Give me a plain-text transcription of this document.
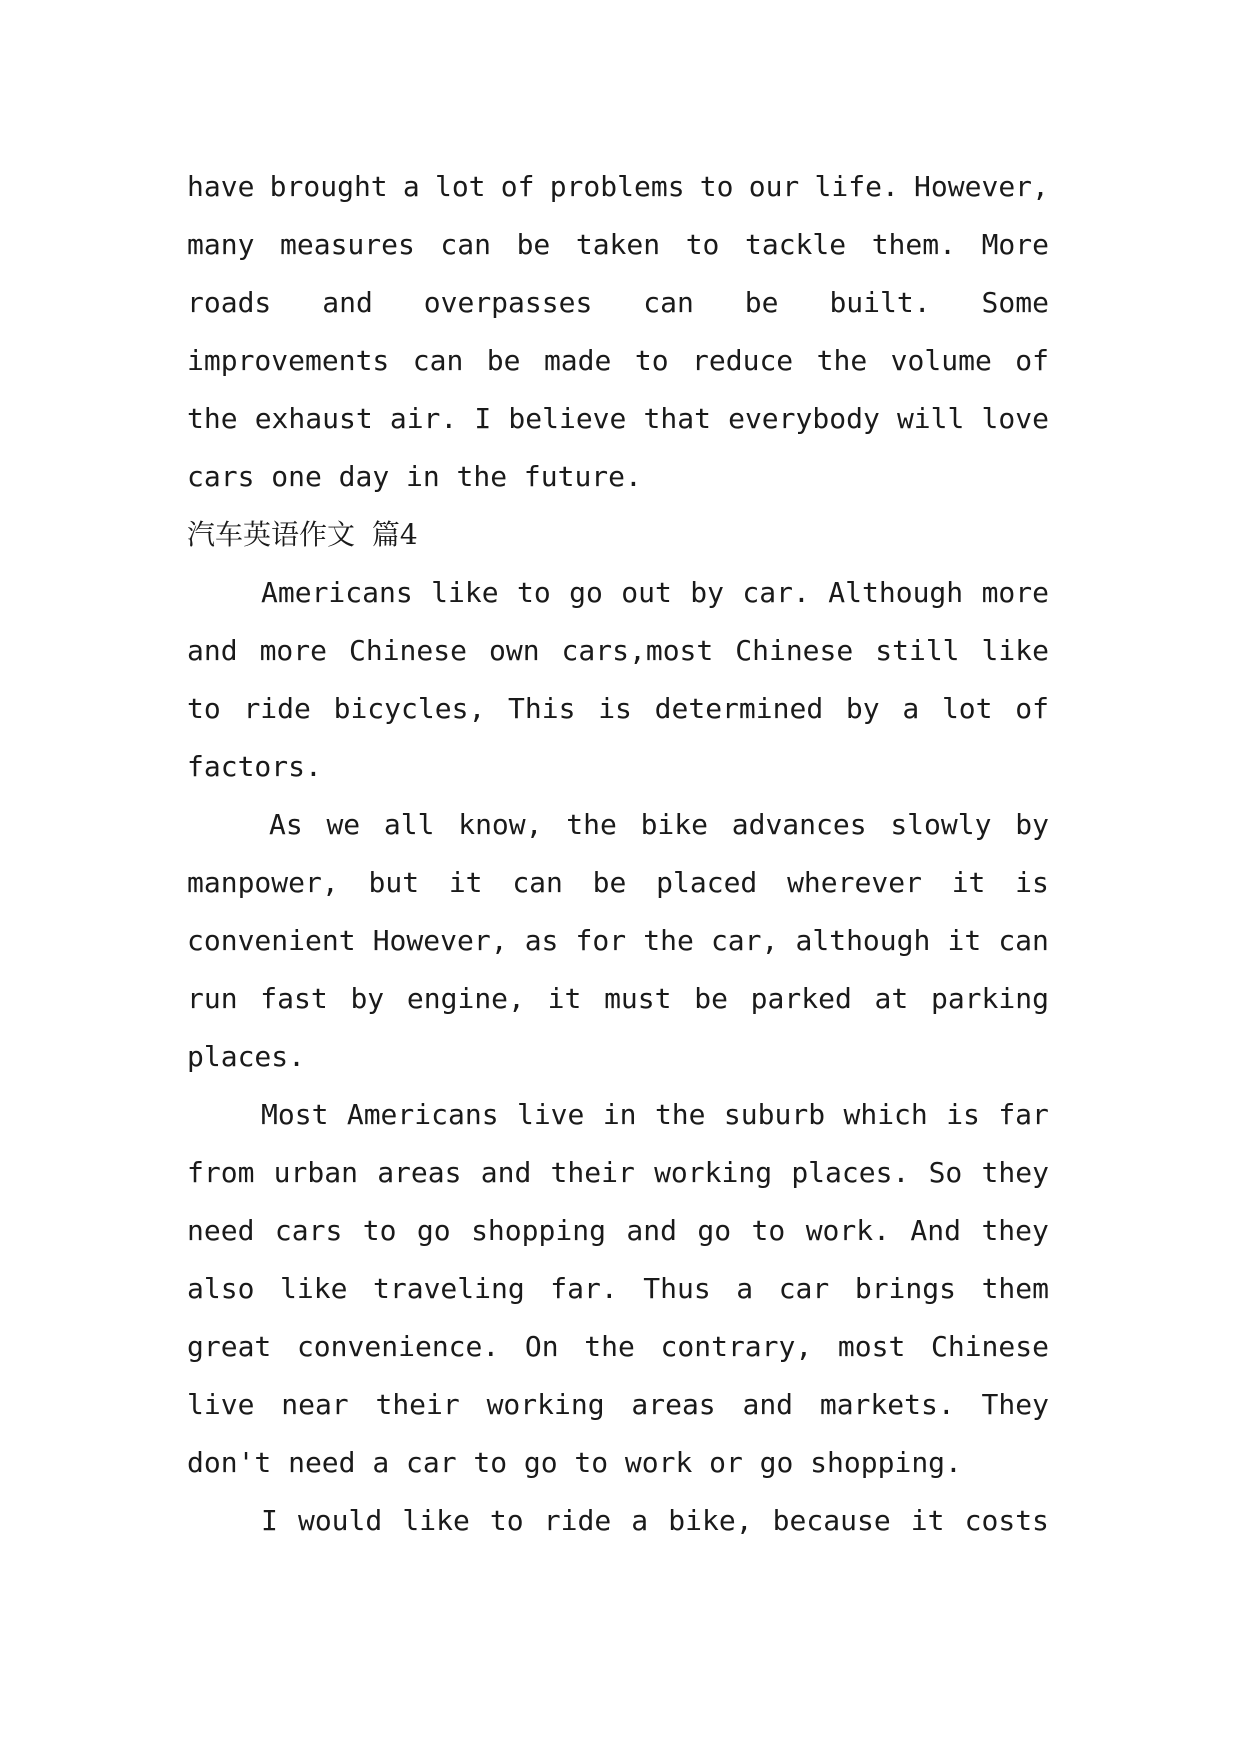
have brought a lot of problems to our life. However,
many measures can be taken to tackle them. More
roads and overpasses can be built. Some
improvements can be made to reduce the volume of
the exhaust air. I believe that everybody will love
cars one day in the future.
汽车英语作文 篇4
Americans like to go out by car. Although more
and more Chinese own cars,most Chinese still like
to ride bicycles, This is determined by a lot of
factors.
As we all know, the bike advances slowly by
manpower, but it can be placed wherever it is
convenient However, as for the car, although it can
run fast by engine, it must be parked at parking
places.
Most Americans live in the suburb which is far
from urban areas and their working places. So they
need cars to go shopping and go to work. And they
also like traveling far. Thus a car brings them
great convenience. On the contrary, most Chinese
live near their working areas and markets. They
don't need a car to go to work or go shopping.
I would like to ride a bike, because it costs
